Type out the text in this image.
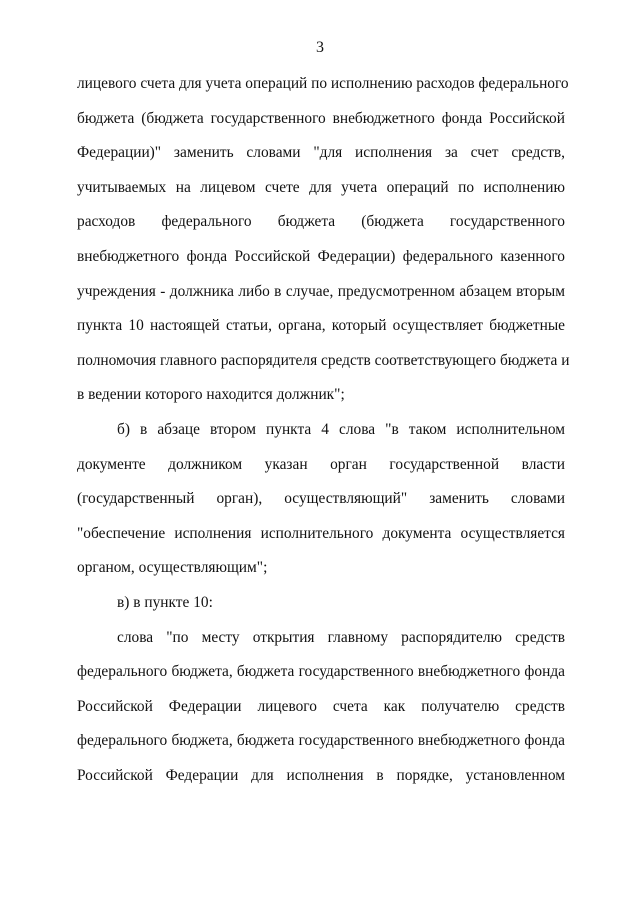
3
лицевого счета для учета операций по исполнению расходов федерального
бюджета (бюджета государственного внебюджетного фонда Российской
Федерации)" заменить словами "для исполнения за счет средств,
учитываемых на лицевом счете для учета операций по исполнению
расходов федерального бюджета (бюджета государственного
внебюджетного фонда Российской Федерации) федерального казенного
учреждения - должника либо в случае, предусмотренном абзацем вторым
пункта 10 настоящей статьи, органа, который осуществляет бюджетные
полномочия главного распорядителя средств соответствующего бюджета и
в ведении которого находится должник";
б) в абзаце втором пункта 4 слова "в таком исполнительном
документе должником указан орган государственной власти
(государственный орган), осуществляющий" заменить словами
"обеспечение исполнения исполнительного документа осуществляется
органом, осуществляющим";
в) в пункте 10:
слова "по месту открытия главному распорядителю средств
федерального бюджета, бюджета государственного внебюджетного фонда
Российской Федерации лицевого счета как получателю средств
федерального бюджета, бюджета государственного внебюджетного фонда
Российской Федерации для исполнения в порядке, установленном
